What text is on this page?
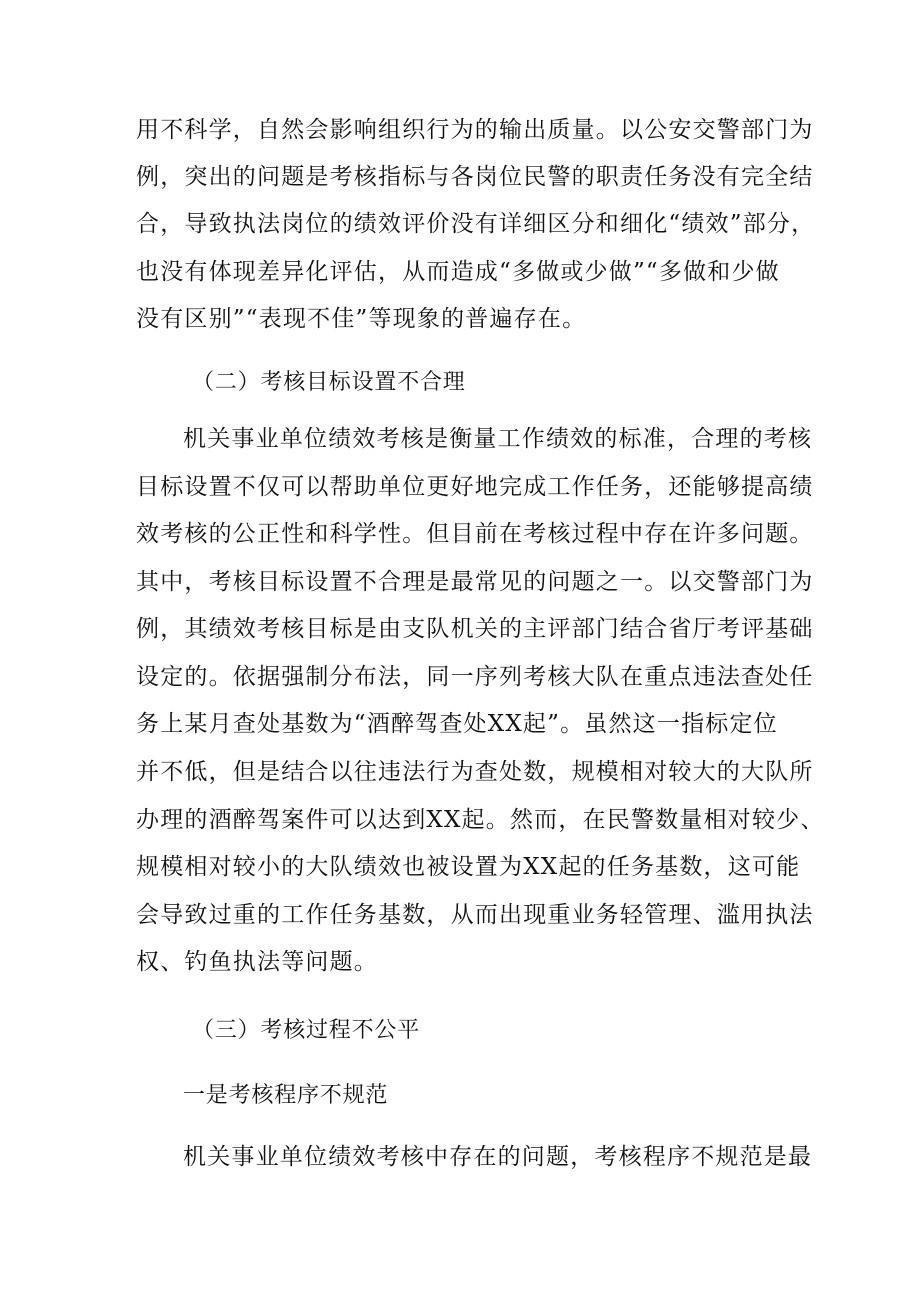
用不科学，自然会影响组织行为的输出质量。以公安交警部门为
例，突出的问题是考核指标与各岗位民警的职责任务没有完全结
合，导致执法岗位的绩效评价没有详细区分和细化“绩效”部分，
也没有体现差异化评估，从而造成“多做或少做”“多做和少做
没有区别”“表现不佳”等现象的普遍存在。
（二）考核目标设置不合理
机关事业单位绩效考核是衡量工作绩效的标准，合理的考核
目标设置不仅可以帮助单位更好地完成工作任务，还能够提高绩
效考核的公正性和科学性。但目前在考核过程中存在许多问题。
其中，考核目标设置不合理是最常见的问题之一。以交警部门为
例，其绩效考核目标是由支队机关的主评部门结合省厅考评基础
设定的。依据强制分布法，同一序列考核大队在重点违法查处任
务上某月查处基数为“酒醉驾查处XX起”。虽然这一指标定位
并不低，但是结合以往违法行为查处数，规模相对较大的大队所
办理的酒醉驾案件可以达到XX起。然而，在民警数量相对较少、
规模相对较小的大队绩效也被设置为XX起的任务基数，这可能
会导致过重的工作任务基数，从而出现重业务轻管理、滥用执法
权、钓鱼执法等问题。
（三）考核过程不公平
一是考核程序不规范
机关事业单位绩效考核中存在的问题，考核程序不规范是最
